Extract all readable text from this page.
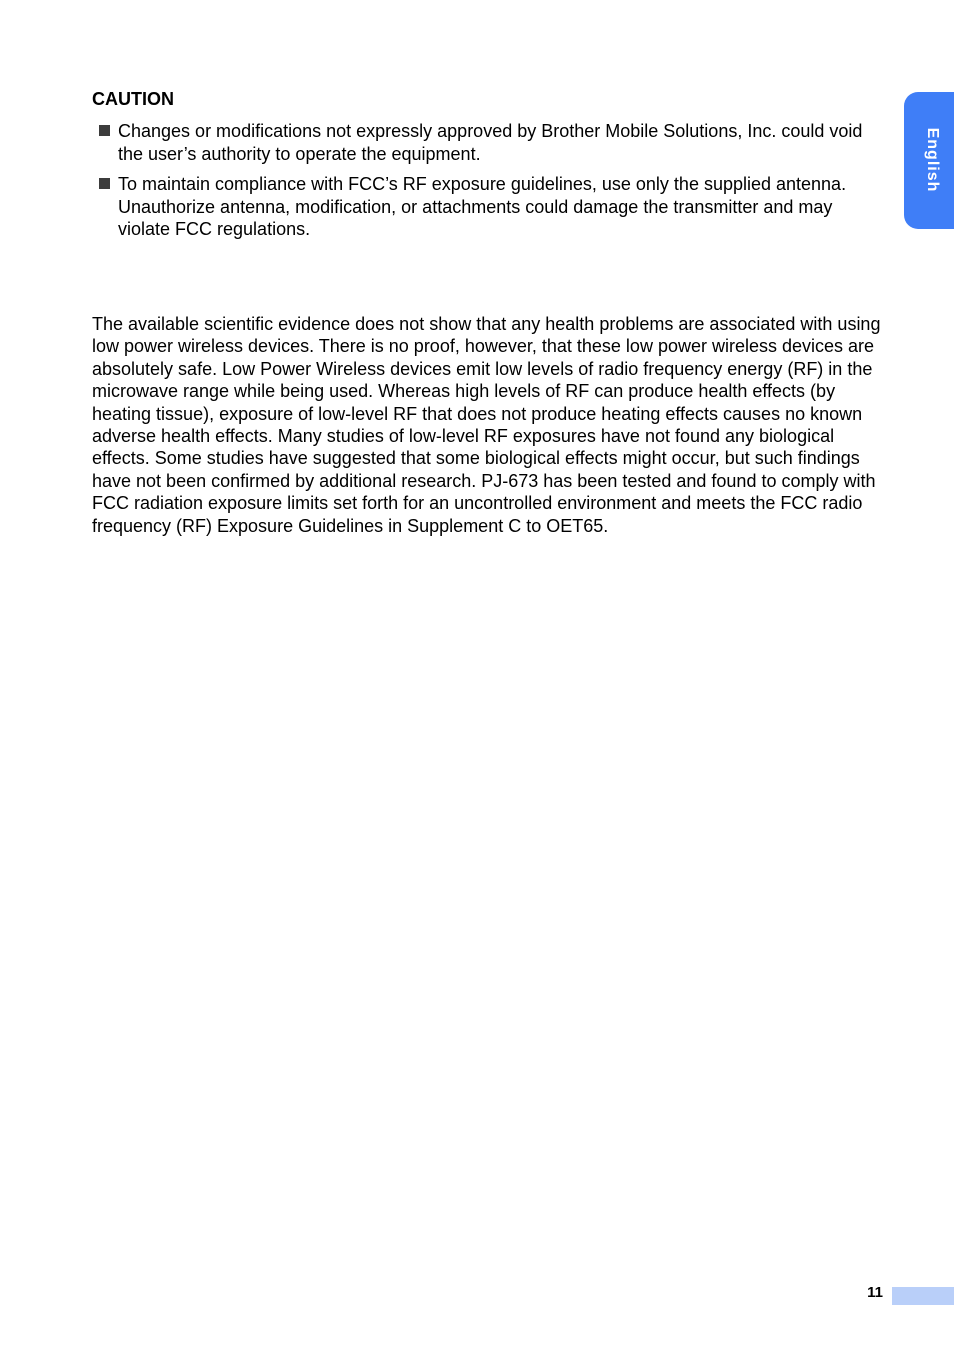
CAUTION
Changes or modifications not expressly approved by Brother Mobile Solutions, Inc. could void the user’s authority to operate the equipment.
To maintain compliance with FCC’s RF exposure guidelines, use only the supplied antenna. Unauthorize antenna, modification, or attachments could damage the transmitter and may violate FCC regulations.

The available scientific evidence does not show that any health problems are associated with using low power wireless devices. There is no proof, however, that these low power wireless devices are absolutely safe. Low Power Wireless devices emit low levels of radio frequency energy (RF) in the microwave range while being used. Whereas high levels of RF can produce health effects (by heating tissue), exposure of low-level RF that does not produce heating effects causes no known adverse health effects. Many studies of low-level RF exposures have not found any biological effects. Some studies have suggested that some biological effects might occur, but such findings have not been confirmed by additional research. PJ-673 has been tested and found to comply with FCC radiation exposure limits set forth for an uncontrolled environment and meets the FCC radio frequency (RF) Exposure Guidelines in Supplement C to OET65.

English
11
